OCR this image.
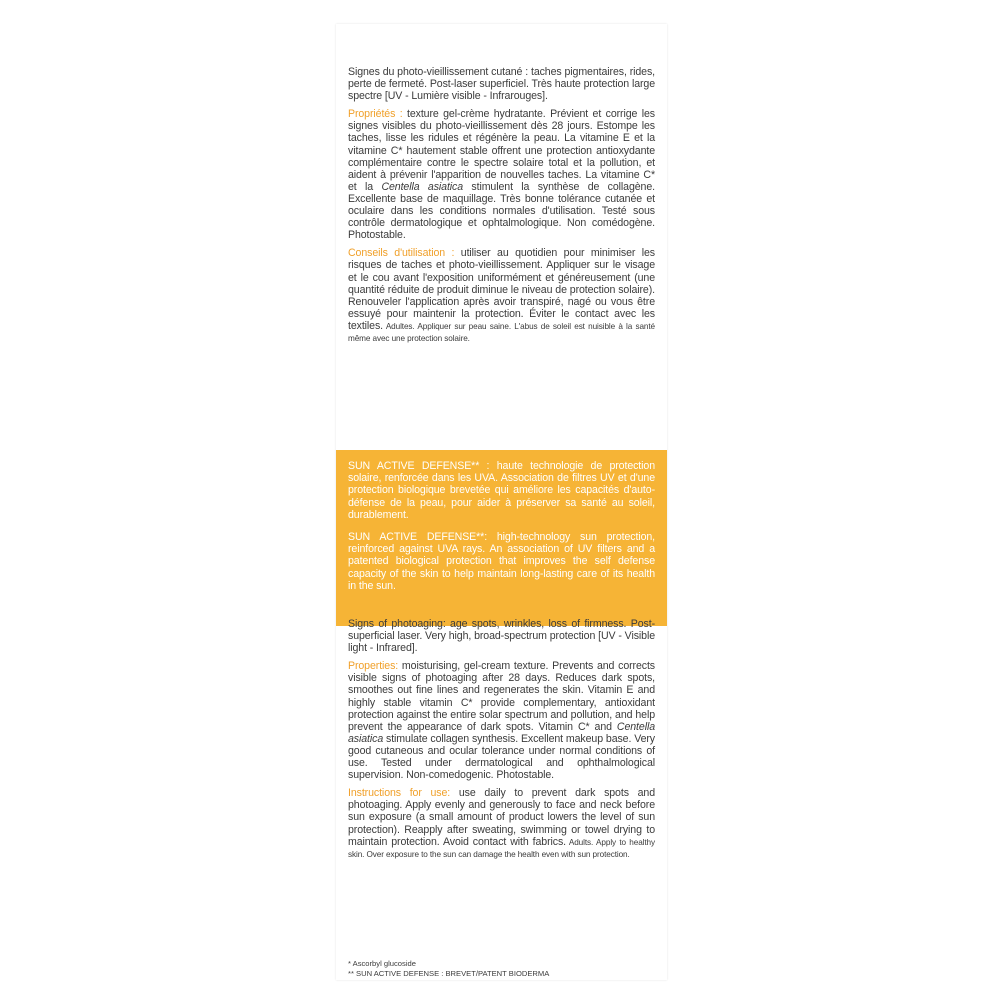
Signes du photo-vieillissement cutané : taches pigmentaires, rides, perte de fermeté. Post-laser superficiel. Très haute protection large spectre [UV - Lumière visible - Infrarouges].

Propriétés : texture gel-crème hydratante. Prévient et corrige les signes visibles du photo-vieillissement dès 28 jours. Estompe les taches, lisse les ridules et régénère la peau. La vitamine E et la vitamine C* hautement stable offrent une protection antioxydante complémentaire contre le spectre solaire total et la pollution, et aident à prévenir l'apparition de nouvelles taches. La vitamine C* et la Centella asiatica stimulent la synthèse de collagène. Excellente base de maquillage. Très bonne tolérance cutanée et oculaire dans les conditions normales d'utilisation. Testé sous contrôle dermatologique et ophtalmologique. Non comédogène. Photostable.

Conseils d'utilisation : utiliser au quotidien pour minimiser les risques de taches et photo-vieillissement. Appliquer sur le visage et le cou avant l'exposition uniformément et généreusement (une quantité réduite de produit diminue le niveau de protection solaire). Renouveler l'application après avoir transpiré, nagé ou vous être essuyé pour maintenir la protection. Éviter le contact avec les textiles. Adultes. Appliquer sur peau saine. L'abus de soleil est nuisible à la santé même avec une protection solaire.

SUN ACTIVE DEFENSE** : haute technologie de protection solaire, renforcée dans les UVA. Association de filtres UV et d'une protection biologique brevetée qui améliore les capacités d'auto-défense de la peau, pour aider à préserver sa santé au soleil, durablement.

SUN ACTIVE DEFENSE**: high-technology sun protection, reinforced against UVA rays. An association of UV filters and a patented biological protection that improves the self defense capacity of the skin to help maintain long-lasting care of its health in the sun.

Signs of photoaging: age spots, wrinkles, loss of firmness. Post-superficial laser. Very high, broad-spectrum protection [UV - Visible light - Infrared].

Properties: moisturising, gel-cream texture. Prevents and corrects visible signs of photoaging after 28 days. Reduces dark spots, smoothes out fine lines and regenerates the skin. Vitamin E and highly stable vitamin C* provide complementary, antioxidant protection against the entire solar spectrum and pollution, and help prevent the appearance of dark spots. Vitamin C* and Centella asiatica stimulate collagen synthesis. Excellent makeup base. Very good cutaneous and ocular tolerance under normal conditions of use. Tested under dermatological and ophthalmological supervision. Non-comedogenic. Photostable.

Instructions for use: use daily to prevent dark spots and photoaging. Apply evenly and generously to face and neck before sun exposure (a small amount of product lowers the level of sun protection). Reapply after sweating, swimming or towel drying to maintain protection. Avoid contact with fabrics. Adults. Apply to healthy skin. Over exposure to the sun can damage the health even with sun protection.

* Ascorbyl glucoside
** SUN ACTIVE DEFENSE : BREVET/PATENT BIODERMA
